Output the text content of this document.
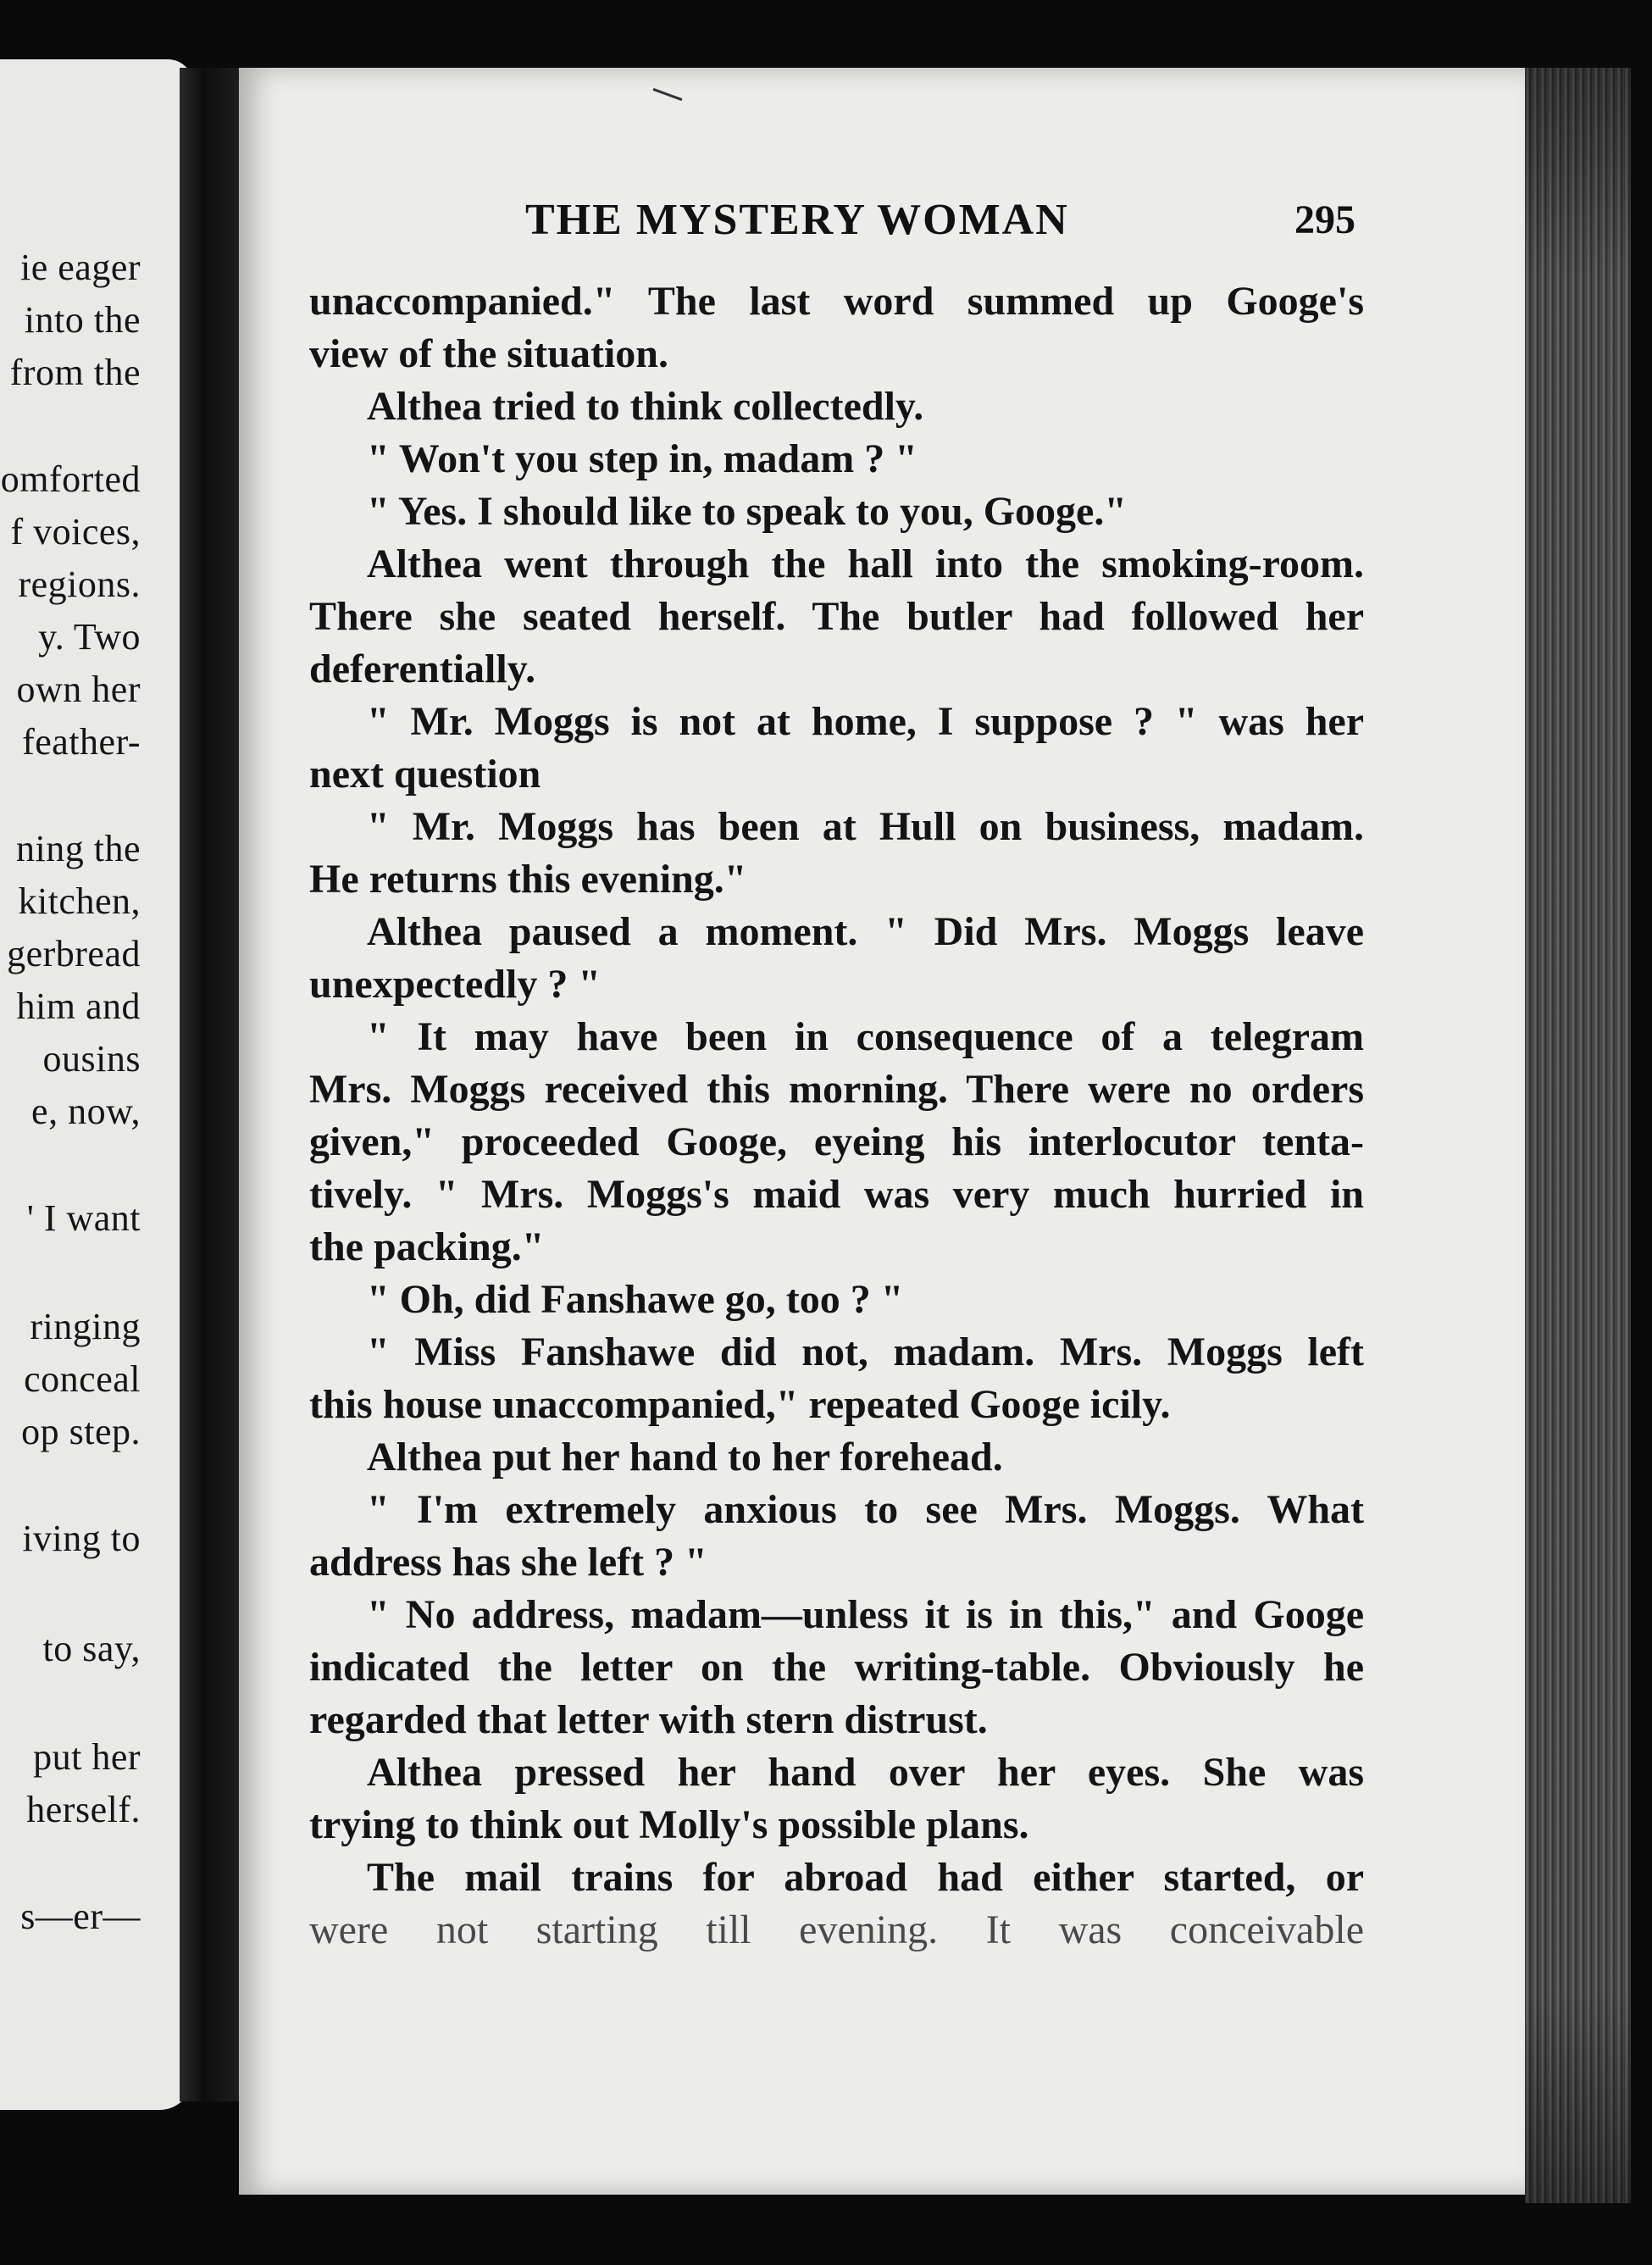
ie eager
into the
from the
omforted
f voices,
regions.
y. Two
own her
feather-
ning the
kitchen,
gerbread
him and
ousins
e, now,
' I want
ringing
conceal
op step.
iving to
to say,
put her
herself.
s—er—
THE MYSTERY WOMAN	295
unaccompanied." The last word summed up Googe's
view of the situation.
Althea tried to think collectedly.
" Won't you step in, madam ? "
" Yes. I should like to speak to you, Googe."
Althea went through the hall into the smoking-room.
There she seated herself. The butler had followed her
deferentially.
" Mr. Moggs is not at home, I suppose ? " was her
next question
" Mr. Moggs has been at Hull on business, madam.
He returns this evening."
Althea paused a moment. " Did Mrs. Moggs leave
unexpectedly ? "
" It may have been in consequence of a telegram
Mrs. Moggs received this morning. There were no orders
given," proceeded Googe, eyeing his interlocutor tenta-
tively. " Mrs. Moggs's maid was very much hurried in
the packing."
" Oh, did Fanshawe go, too ? "
" Miss Fanshawe did not, madam. Mrs. Moggs left
this house unaccompanied," repeated Googe icily.
Althea put her hand to her forehead.
" I'm extremely anxious to see Mrs. Moggs. What
address has she left ? "
" No address, madam—unless it is in this," and Googe
indicated the letter on the writing-table. Obviously he
regarded that letter with stern distrust.
Althea pressed her hand over her eyes. She was
trying to think out Molly's possible plans.
The mail trains for abroad had either started, or
were not starting till evening. It was conceivable
